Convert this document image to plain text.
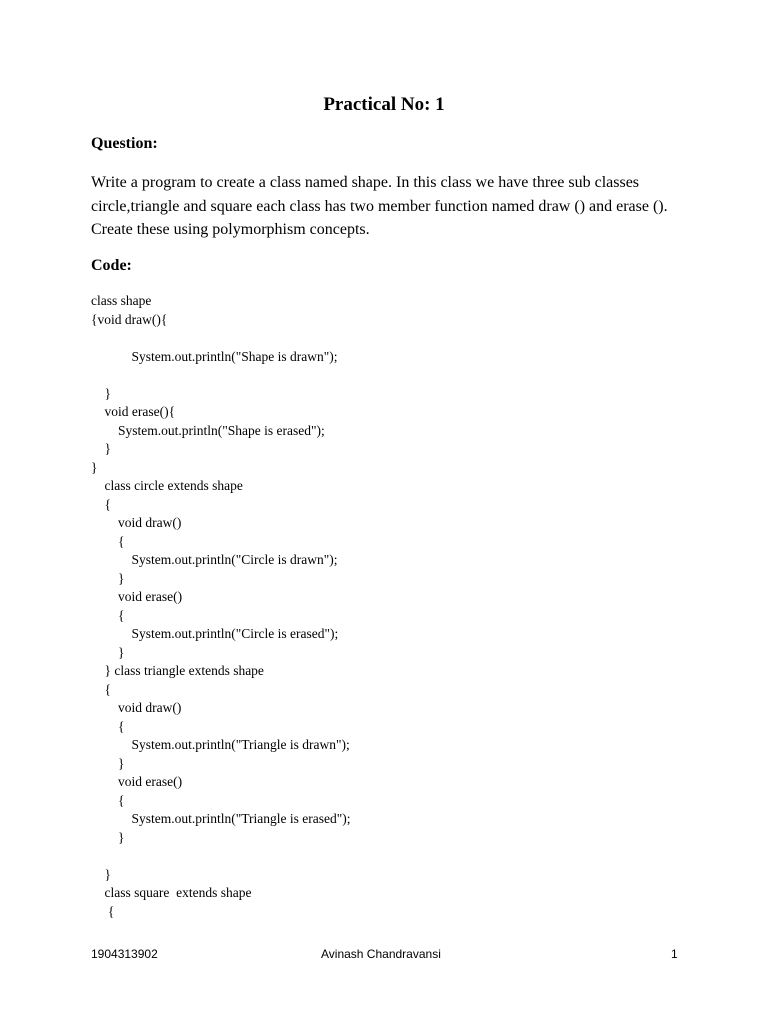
Practical No: 1
Question:

Write a program to create a class named shape. In this class we have three sub classes circle,triangle and square each class has two member function named draw () and erase (). Create these using polymorphism concepts.

Code:
class shape
{void draw(){
System.out.println("Shape is drawn");
}
void erase(){
System.out.println("Shape is erased");
}
}
class circle extends shape
{
void draw()
{
System.out.println("Circle is drawn");
}
void erase()
{
System.out.println("Circle is erased");
}
} class triangle extends shape
{
void draw()
{
System.out.println("Triangle is drawn");
}
void erase()
{
System.out.println("Triangle is erased");
}
}
class square  extends shape
{
1904313902	Avinash Chandravansi	1
